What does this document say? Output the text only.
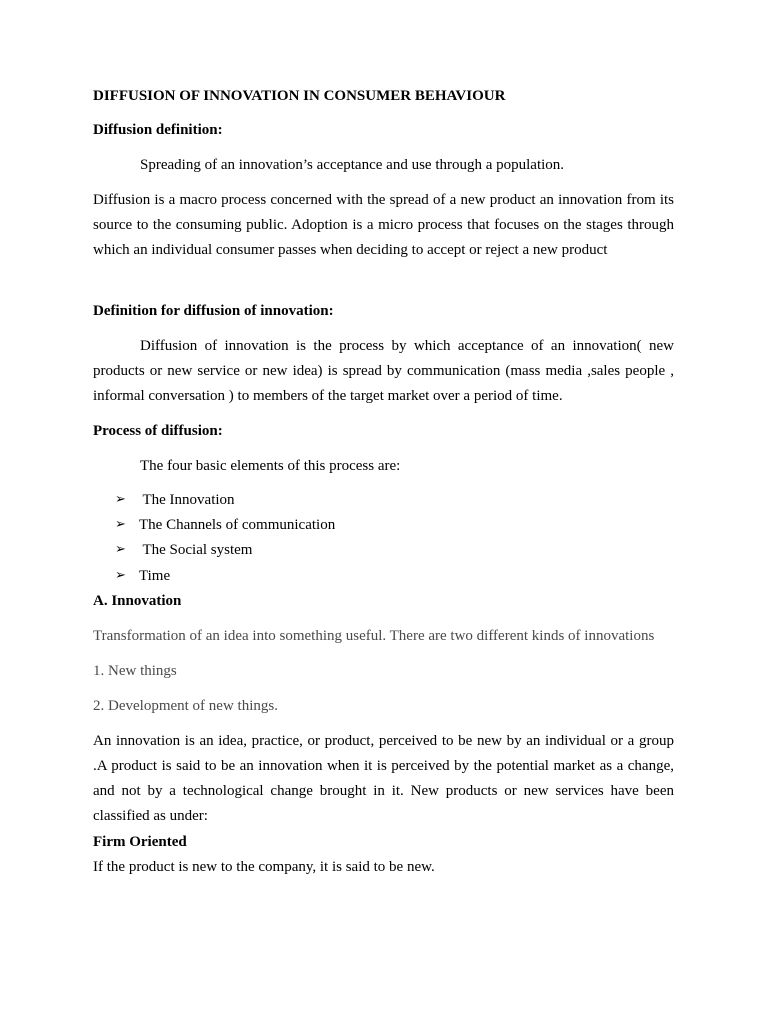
DIFFUSION OF INNOVATION IN CONSUMER BEHAVIOUR

Diffusion definition:

Spreading of an innovation’s acceptance and use through a population.

Diffusion is a macro process concerned with the spread of a new product an innovation from its source to the consuming public. Adoption is a micro process that focuses on the stages through which an individual consumer passes when deciding to accept or reject a new product

Definition for diffusion of innovation:

Diffusion of innovation is the process by which acceptance of an innovation( new products or new service or new idea) is spread by communication (mass media ,sales people , informal conversation ) to members of the target market over a period of time.

Process of diffusion:

The four basic elements of this process are:

➢ The Innovation
➢ The Channels of communication
➢ The Social system
➢ Time

A. Innovation

Transformation of an idea into something useful. There are two different kinds of innovations

1. New things

2. Development of new things.

An innovation is an idea, practice, or product, perceived to be new by an individual or a group .A product is said to be an innovation when it is perceived by the potential market as a change, and not by a technological change brought in it. New products or new services have been classified as under:

Firm Oriented

If the product is new to the company, it is said to be new.
